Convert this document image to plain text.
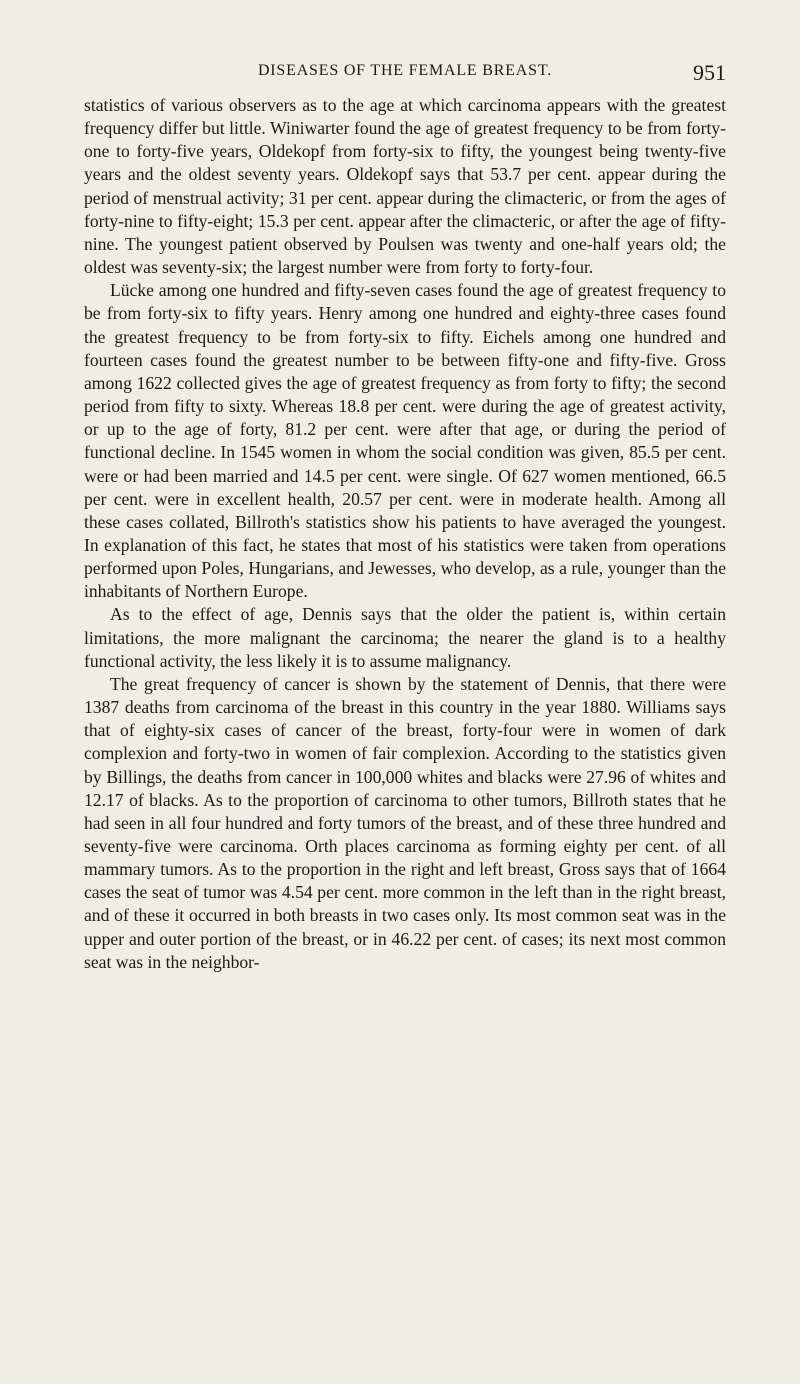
DISEASES OF THE FEMALE BREAST.	951

statistics of various observers as to the age at which carcinoma appears with the greatest frequency differ but little. Winiwarter found the age of greatest frequency to be from forty-one to forty-five years, Oldekopf from forty-six to fifty, the youngest being twenty-five years and the oldest seventy years. Oldekopf says that 53.7 per cent. appear during the period of menstrual activity; 31 per cent. appear during the climacteric, or from the ages of forty-nine to fifty-eight; 15.3 per cent. appear after the climacteric, or after the age of fifty-nine. The youngest patient observed by Poulsen was twenty and one-half years old; the oldest was seventy-six; the largest number were from forty to forty-four.

Lücke among one hundred and fifty-seven cases found the age of greatest frequency to be from forty-six to fifty years. Henry among one hundred and eighty-three cases found the greatest frequency to be from forty-six to fifty. Eichels among one hundred and fourteen cases found the greatest number to be between fifty-one and fifty-five. Gross among 1622 collected gives the age of greatest frequency as from forty to fifty; the second period from fifty to sixty. Whereas 18.8 per cent. were during the age of greatest activity, or up to the age of forty, 81.2 per cent. were after that age, or during the period of functional decline. In 1545 women in whom the social condition was given, 85.5 per cent. were or had been married and 14.5 per cent. were single. Of 627 women mentioned, 66.5 per cent. were in excellent health, 20.57 per cent. were in moderate health. Among all these cases collated, Billroth's statistics show his patients to have averaged the youngest. In explanation of this fact, he states that most of his statistics were taken from operations performed upon Poles, Hungarians, and Jewesses, who develop, as a rule, younger than the inhabitants of Northern Europe.

As to the effect of age, Dennis says that the older the patient is, within certain limitations, the more malignant the carcinoma; the nearer the gland is to a healthy functional activity, the less likely it is to assume malignancy.

The great frequency of cancer is shown by the statement of Dennis, that there were 1387 deaths from carcinoma of the breast in this country in the year 1880. Williams says that of eighty-six cases of cancer of the breast, forty-four were in women of dark complexion and forty-two in women of fair complexion. According to the statistics given by Billings, the deaths from cancer in 100,000 whites and blacks were 27.96 of whites and 12.17 of blacks. As to the proportion of carcinoma to other tumors, Billroth states that he had seen in all four hundred and forty tumors of the breast, and of these three hundred and seventy-five were carcinoma. Orth places carcinoma as forming eighty per cent. of all mammary tumors. As to the proportion in the right and left breast, Gross says that of 1664 cases the seat of tumor was 4.54 per cent. more common in the left than in the right breast, and of these it occurred in both breasts in two cases only. Its most common seat was in the upper and outer portion of the breast, or in 46.22 per cent. of cases; its next most common seat was in the neighbor-
